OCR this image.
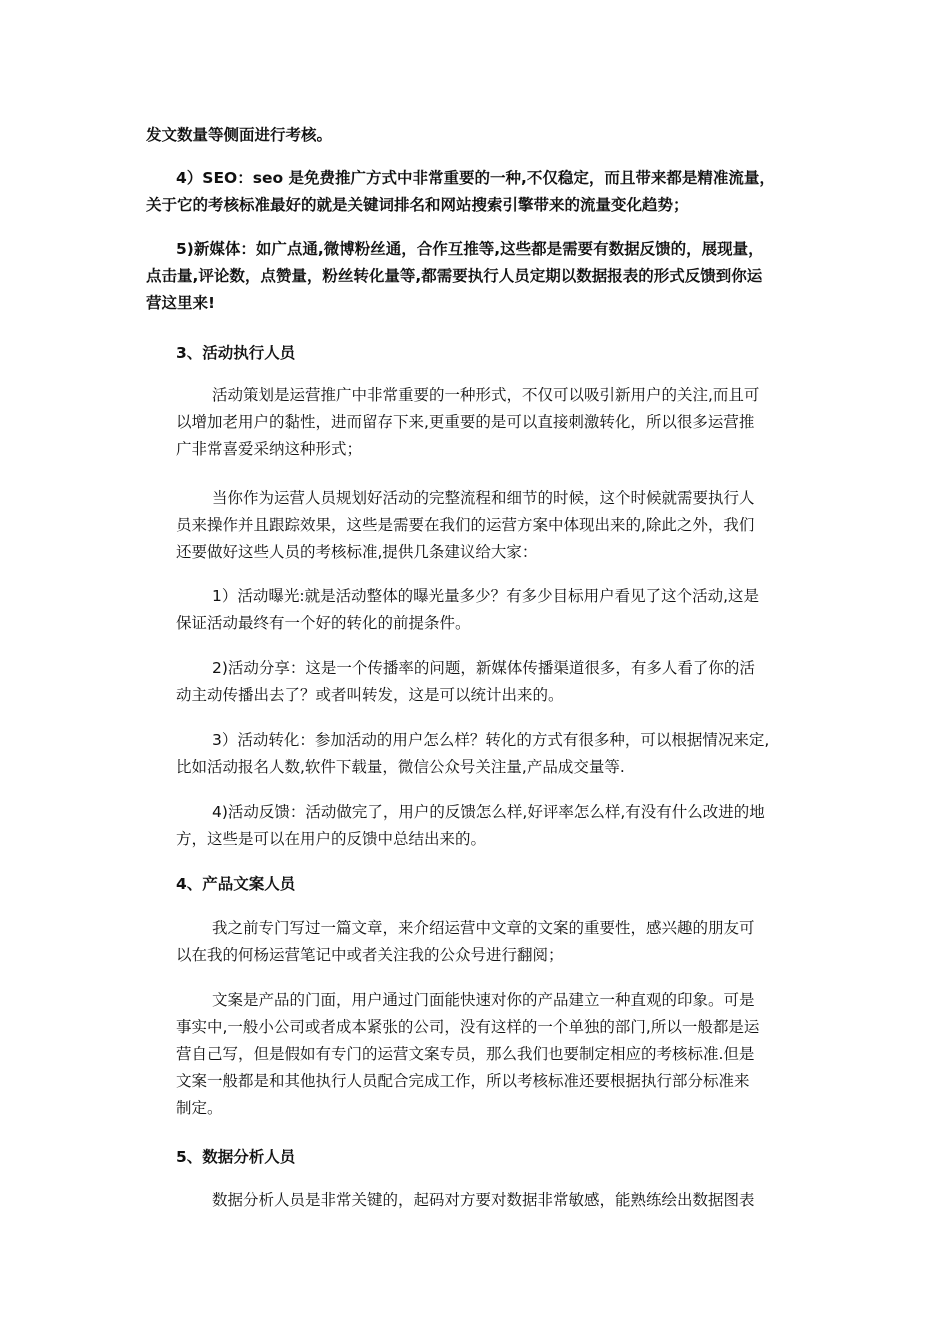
发文数量等侧面进行考核。
4）SEO：seo 是免费推广方式中非常重要的一种,不仅稳定，而且带来都是精准流量，
关于它的考核标准最好的就是关键词排名和网站搜索引擎带来的流量变化趋势；
5)新媒体：如广点通,微博粉丝通，合作互推等,这些都是需要有数据反馈的，展现量，
点击量,评论数，点赞量，粉丝转化量等,都需要执行人员定期以数据报表的形式反馈到你运
营这里来!
3、活动执行人员
活动策划是运营推广中非常重要的一种形式，不仅可以吸引新用户的关注,而且可
以增加老用户的黏性，进而留存下来,更重要的是可以直接刺激转化，所以很多运营推
广非常喜爱采纳这种形式；
当你作为运营人员规划好活动的完整流程和细节的时候，这个时候就需要执行人
员来操作并且跟踪效果，这些是需要在我们的运营方案中体现出来的,除此之外，我们
还要做好这些人员的考核标准,提供几条建议给大家：
1）活动曝光:就是活动整体的曝光量多少？有多少目标用户看见了这个活动,这是
保证活动最终有一个好的转化的前提条件。
2)活动分享：这是一个传播率的问题，新媒体传播渠道很多，有多人看了你的活
动主动传播出去了？或者叫转发，这是可以统计出来的。
3）活动转化：参加活动的用户怎么样？转化的方式有很多种，可以根据情况来定,
比如活动报名人数,软件下载量，微信公众号关注量,产品成交量等.
4)活动反馈：活动做完了，用户的反馈怎么样,好评率怎么样,有没有什么改进的地
方，这些是可以在用户的反馈中总结出来的。
4、产品文案人员
我之前专门写过一篇文章，来介绍运营中文章的文案的重要性，感兴趣的朋友可
以在我的何杨运营笔记中或者关注我的公众号进行翻阅；
文案是产品的门面，用户通过门面能快速对你的产品建立一种直观的印象。可是
事实中,一般小公司或者成本紧张的公司，没有这样的一个单独的部门,所以一般都是运
营自己写，但是假如有专门的运营文案专员，那么我们也要制定相应的考核标准.但是
文案一般都是和其他执行人员配合完成工作，所以考核标准还要根据执行部分标准来
制定。
5、数据分析人员
数据分析人员是非常关键的，起码对方要对数据非常敏感，能熟练绘出数据图表
